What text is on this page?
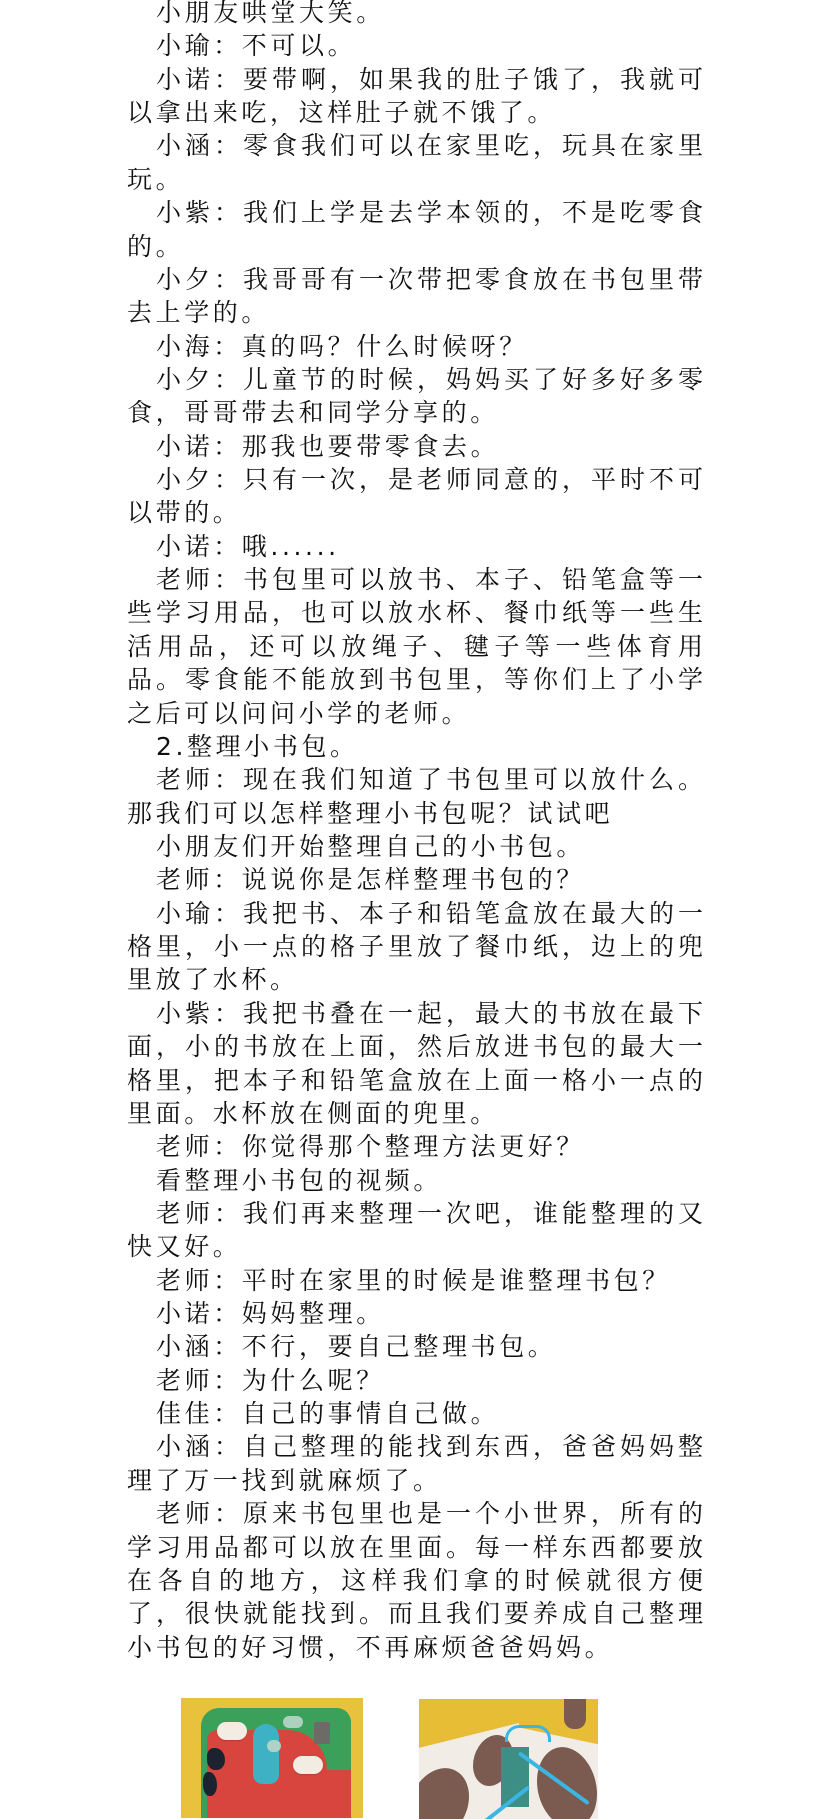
小朋友哄堂大笑。
小瑜：不可以。
小诺：要带啊，如果我的肚子饿了，我就可
以拿出来吃，这样肚子就不饿了。
小涵：零食我们可以在家里吃，玩具在家里
玩。
小紫：我们上学是去学本领的，不是吃零食
的。
小夕：我哥哥有一次带把零食放在书包里带
去上学的。
小海：真的吗？什么时候呀？
小夕：儿童节的时候，妈妈买了好多好多零
食，哥哥带去和同学分享的。
小诺：那我也要带零食去。
小夕：只有一次，是老师同意的，平时不可
以带的。
小诺：哦......
老师：书包里可以放书、本子、铅笔盒等一
些学习用品，也可以放水杯、餐巾纸等一些生
活用品，还可以放绳子、毽子等一些体育用
品。零食能不能放到书包里，等你们上了小学
之后可以问问小学的老师。
2.整理小书包。
老师：现在我们知道了书包里可以放什么。
那我们可以怎样整理小书包呢？试试吧
小朋友们开始整理自己的小书包。
老师：说说你是怎样整理书包的？
小瑜：我把书、本子和铅笔盒放在最大的一
格里，小一点的格子里放了餐巾纸，边上的兜
里放了水杯。
小紫：我把书叠在一起，最大的书放在最下
面，小的书放在上面，然后放进书包的最大一
格里，把本子和铅笔盒放在上面一格小一点的
里面。水杯放在侧面的兜里。
老师：你觉得那个整理方法更好？
看整理小书包的视频。
老师：我们再来整理一次吧，谁能整理的又
快又好。
老师：平时在家里的时候是谁整理书包？
小诺：妈妈整理。
小涵：不行，要自己整理书包。
老师：为什么呢？
佳佳：自己的事情自己做。
小涵：自己整理的能找到东西，爸爸妈妈整
理了万一找到就麻烦了。
老师：原来书包里也是一个小世界，所有的
学习用品都可以放在里面。每一样东西都要放
在各自的地方，这样我们拿的时候就很方便
了，很快就能找到。而且我们要养成自己整理
小书包的好习惯，不再麻烦爸爸妈妈。
